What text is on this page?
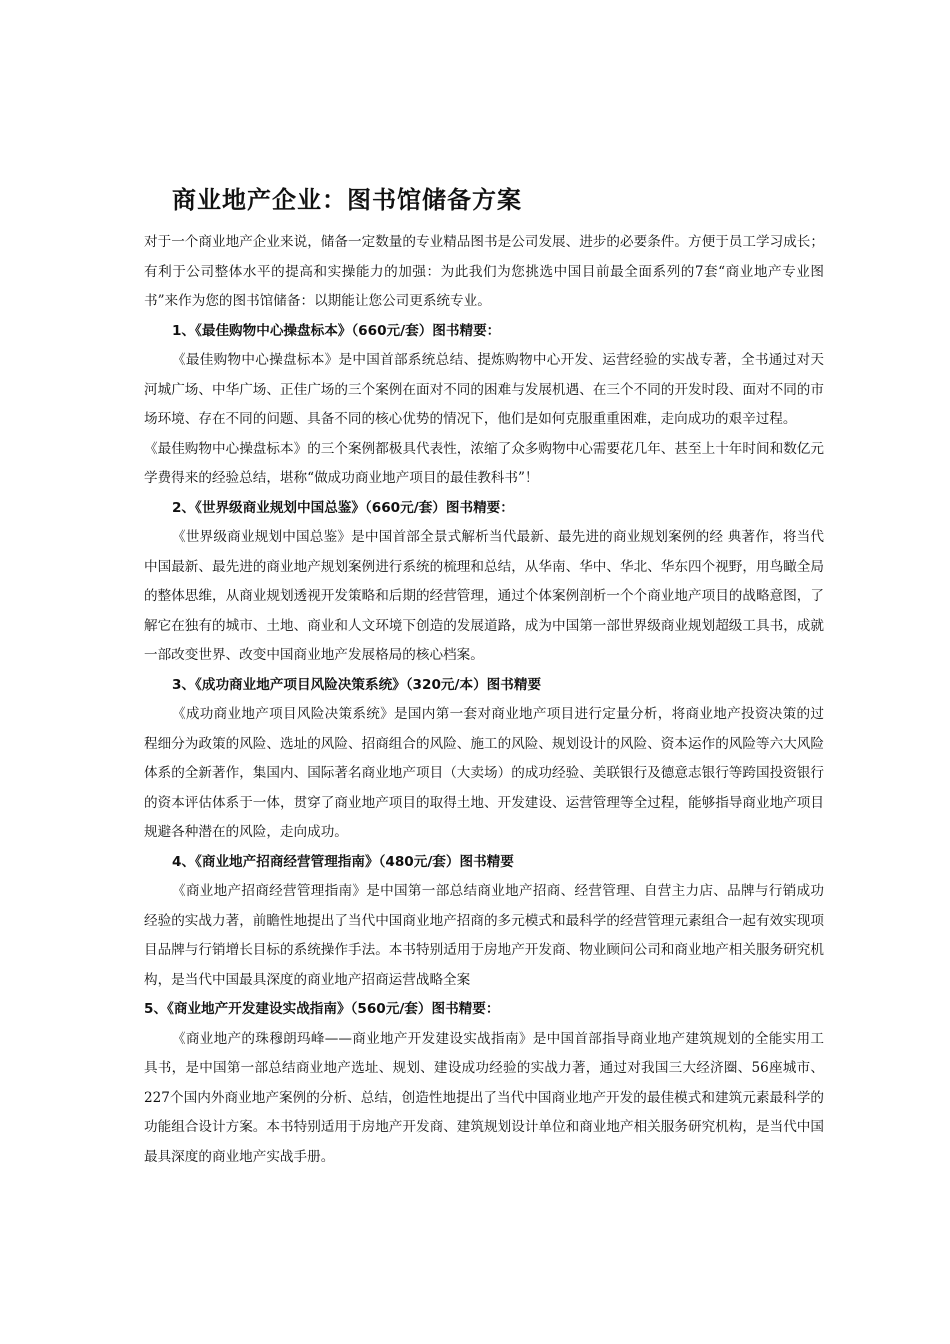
商业地产企业：图书馆储备方案

对于一个商业地产企业来说，储备一定数量的专业精品图书是公司发展、进步的必要条件。方便于员工学习成长；有利于公司整体水平的提高和实操能力的加强：为此我们为您挑选中国目前最全面系列的7套“商业地产专业图书”来作为您的图书馆储备：以期能让您公司更系统专业。

1、《最佳购物中心操盘标本》（660元/套）图书精要：

《最佳购物中心操盘标本》是中国首部系统总结、提炼购物中心开发、运营经验的实战专著，全书通过对天河城广场、中华广场、正佳广场的三个案例在面对不同的困难与发展机遇、在三个不同的开发时段、面对不同的市场环境、存在不同的问题、具备不同的核心优势的情况下，他们是如何克服重重困难，走向成功的艰辛过程。

《最佳购物中心操盘标本》的三个案例都极具代表性，浓缩了众多购物中心需要花几年、甚至上十年时间和数亿元学费得来的经验总结，堪称“做成功商业地产项目的最佳教科书”！

2、《世界级商业规划中国总鉴》（660元/套）图书精要：

《世界级商业规划中国总鉴》是中国首部全景式解析当代最新、最先进的商业规划案例的经 典著作，将当代中国最新、最先进的商业地产规划案例进行系统的梳理和总结，从华南、华中、华北、华东四个视野，用鸟瞰全局的整体思维，从商业规划透视开发策略和后期的经营管理，通过个体案例剖析一个个商业地产项目的战略意图，了解它在独有的城市、土地、商业和人文环境下创造的发展道路，成为中国第一部世界级商业规划超级工具书，成就一部改变世界、改变中国商业地产发展格局的核心档案。

3、《成功商业地产项目风险决策系统》（320元/本）图书精要

《成功商业地产项目风险决策系统》是国内第一套对商业地产项目进行定量分析，将商业地产投资决策的过程细分为政策的风险、选址的风险、招商组合的风险、施工的风险、规划设计的风险、资本运作的风险等六大风险体系的全新著作，集国内、国际著名商业地产项目（大卖场）的成功经验、美联银行及德意志银行等跨国投资银行的资本评估体系于一体，贯穿了商业地产项目的取得土地、开发建设、运营管理等全过程，能够指导商业地产项目规避各种潜在的风险，走向成功。

4、《商业地产招商经营管理指南》（480元/套）图书精要

《商业地产招商经营管理指南》是中国第一部总结商业地产招商、经营管理、自营主力店、品牌与行销成功经验的实战力著，前瞻性地提出了当代中国商业地产招商的多元模式和最科学的经营管理元素组合一起有效实现项目品牌与行销增长目标的系统操作手法。本书特别适用于房地产开发商、物业顾问公司和商业地产相关服务研究机构，是当代中国最具深度的商业地产招商运营战略全案

5、《商业地产开发建设实战指南》（560元/套）图书精要：

《商业地产的珠穆朗玛峰——商业地产开发建设实战指南》是中国首部指导商业地产建筑规划的全能实用工具书，是中国第一部总结商业地产选址、规划、建设成功经验的实战力著，通过对我国三大经济圈、56座城市、227个国内外商业地产案例的分析、总结，创造性地提出了当代中国商业地产开发的最佳模式和建筑元素最科学的功能组合设计方案。本书特别适用于房地产开发商、建筑规划设计单位和商业地产相关服务研究机构，是当代中国最具深度的商业地产实战手册。
